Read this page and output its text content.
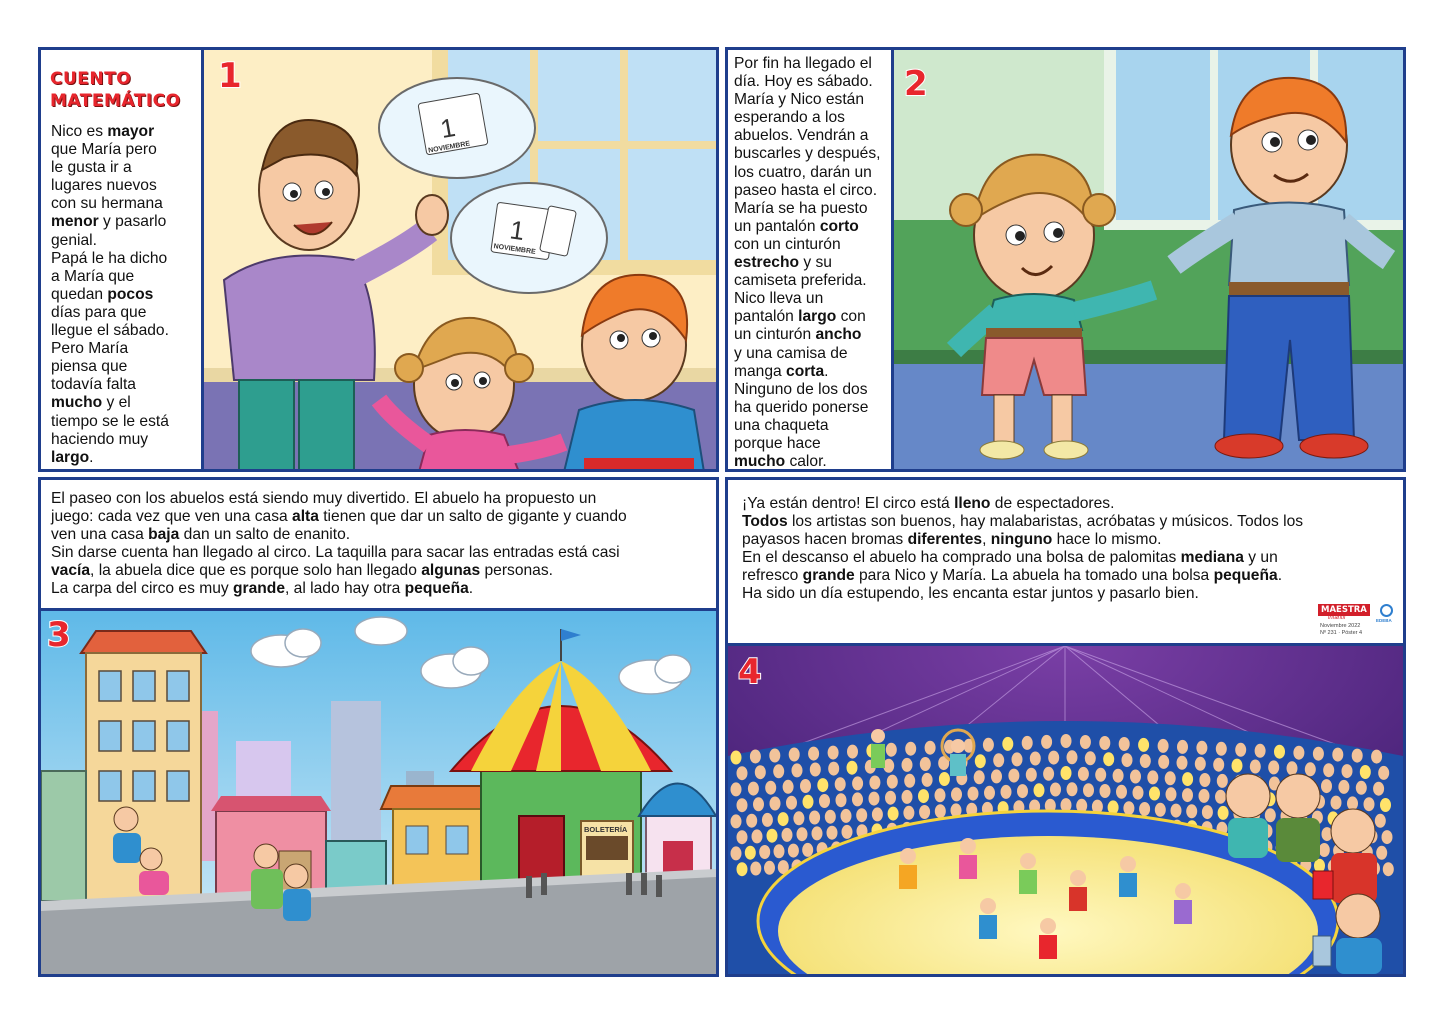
CUENTO
MATEMÁTICO
Nico es mayor
que María pero
le gusta ir a
lugares nuevos
con su hermana
menor y pasarlo
genial.
Papá le ha dicho
a María que
quedan pocos
días para que
llegue el sábado.
Pero María
piensa que
todavía falta
mucho y el
tiempo se le está
haciendo muy
largo.
1
NOVIEMBRE
1
NOVIEMBRE
1	Por fin ha llegado el
día. Hoy es sábado.
María y Nico están
esperando a los
abuelos. Vendrán a
buscarles y después,
los cuatro, darán un
paseo hasta el circo.
María se ha puesto
un pantalón corto
con un cinturón
estrecho y su
camiseta preferida.
Nico lleva un
pantalón largo con
un cinturón ancho
y una camisa de
manga corta.
Ninguno de los dos
ha querido ponerse
una chaqueta
porque hace
mucho calor.
2
El paseo con los abuelos está siendo muy divertido. El abuelo ha propuesto un
juego: cada vez que ven una casa alta tienen que dar un salto de gigante y cuando
ven una casa baja dan un salto de enanito.
Sin darse cuenta han llegado al circo. La taquilla para sacar las entradas está casi
vacía, la abuela dice que es porque solo han llegado algunas personas.
La carpa del circo es muy grande, al lado hay otra pequeña.
BOLETERÍA
3
¡Ya están dentro! El circo está lleno de espectadores.
Todos los artistas son buenos, hay malabaristas, acróbatas y músicos. Todos los
payasos hacen bromas diferentes, ninguno hace lo mismo.
En el descanso el abuelo ha comprado una bolsa de palomitas mediana y un
refresco grande para Nico y María. La abuela ha tomado una bolsa pequeña.
Ha sido un día estupendo, les encanta estar juntos y pasarlo bien.
MAESTRA
infantil	EDEBA
Noviembre 2022
Nº 231 · Póster 4
4
